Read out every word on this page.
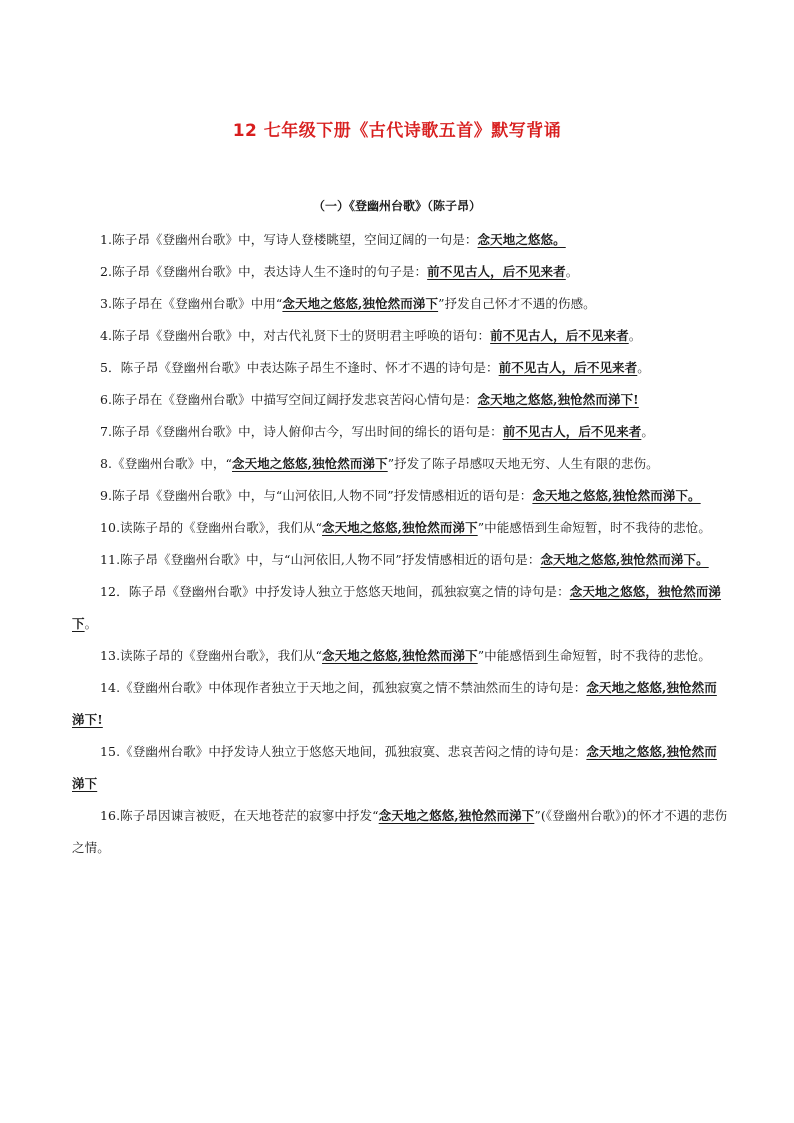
12 七年级下册《古代诗歌五首》默写背诵
（一）《登幽州台歌》（陈子昂）

1.陈子昂《登幽州台歌》中，写诗人登楼眺望，空间辽阔的一句是：念天地之悠悠。

2.陈子昂《登幽州台歌》中，表达诗人生不逢时的句子是：前不见古人，后不见来者。

3.陈子昂在《登幽州台歌》中用“念天地之悠悠,独怆然而涕下”抒发自己怀才不遇的伤感。

4.陈子昂《登幽州台歌》中，对古代礼贤下士的贤明君主呼唤的语句：前不见古人，后不见来者。

5．陈子昂《登幽州台歌》中表达陈子昂生不逢时、怀才不遇的诗句是：前不见古人，后不见来者。

6.陈子昂在《登幽州台歌》中描写空间辽阔抒发悲哀苦闷心情句是：念天地之悠悠,独怆然而涕下!

7.陈子昂《登幽州台歌》中，诗人俯仰古今，写出时间的绵长的语句是：前不见古人，后不见来者。

8.《登幽州台歌》中，“念天地之悠悠,独怆然而涕下”抒发了陈子昂感叹天地无穷、人生有限的悲伤。

9.陈子昂《登幽州台歌》中，与“山河依旧,人物不同”抒发情感相近的语句是：念天地之悠悠,独怆然而涕下。

10.读陈子昂的《登幽州台歌》，我们从“念天地之悠悠,独怆然而涕下”中能感悟到生命短暂，时不我待的悲怆。

11.陈子昂《登幽州台歌》中，与“山河依旧,人物不同”抒发情感相近的语句是：念天地之悠悠,独怆然而涕下。

12．陈子昂《登幽州台歌》中抒发诗人独立于悠悠天地间，孤独寂寞之情的诗句是：念天地之悠悠，独怆然而涕下。

13.读陈子昂的《登幽州台歌》，我们从“念天地之悠悠,独怆然而涕下”中能感悟到生命短暂，时不我待的悲怆。

14.《登幽州台歌》中体现作者独立于天地之间，孤独寂寞之情不禁油然而生的诗句是：念天地之悠悠,独怆然而涕下!

15.《登幽州台歌》中抒发诗人独立于悠悠天地间，孤独寂寞、悲哀苦闷之情的诗句是：念天地之悠悠,独怆然而涕下

16.陈子昂因谏言被贬，在天地苍茫的寂寥中抒发“念天地之悠悠,独怆然而涕下”(《登幽州台歌》)的怀才不遇的悲伤之情。
